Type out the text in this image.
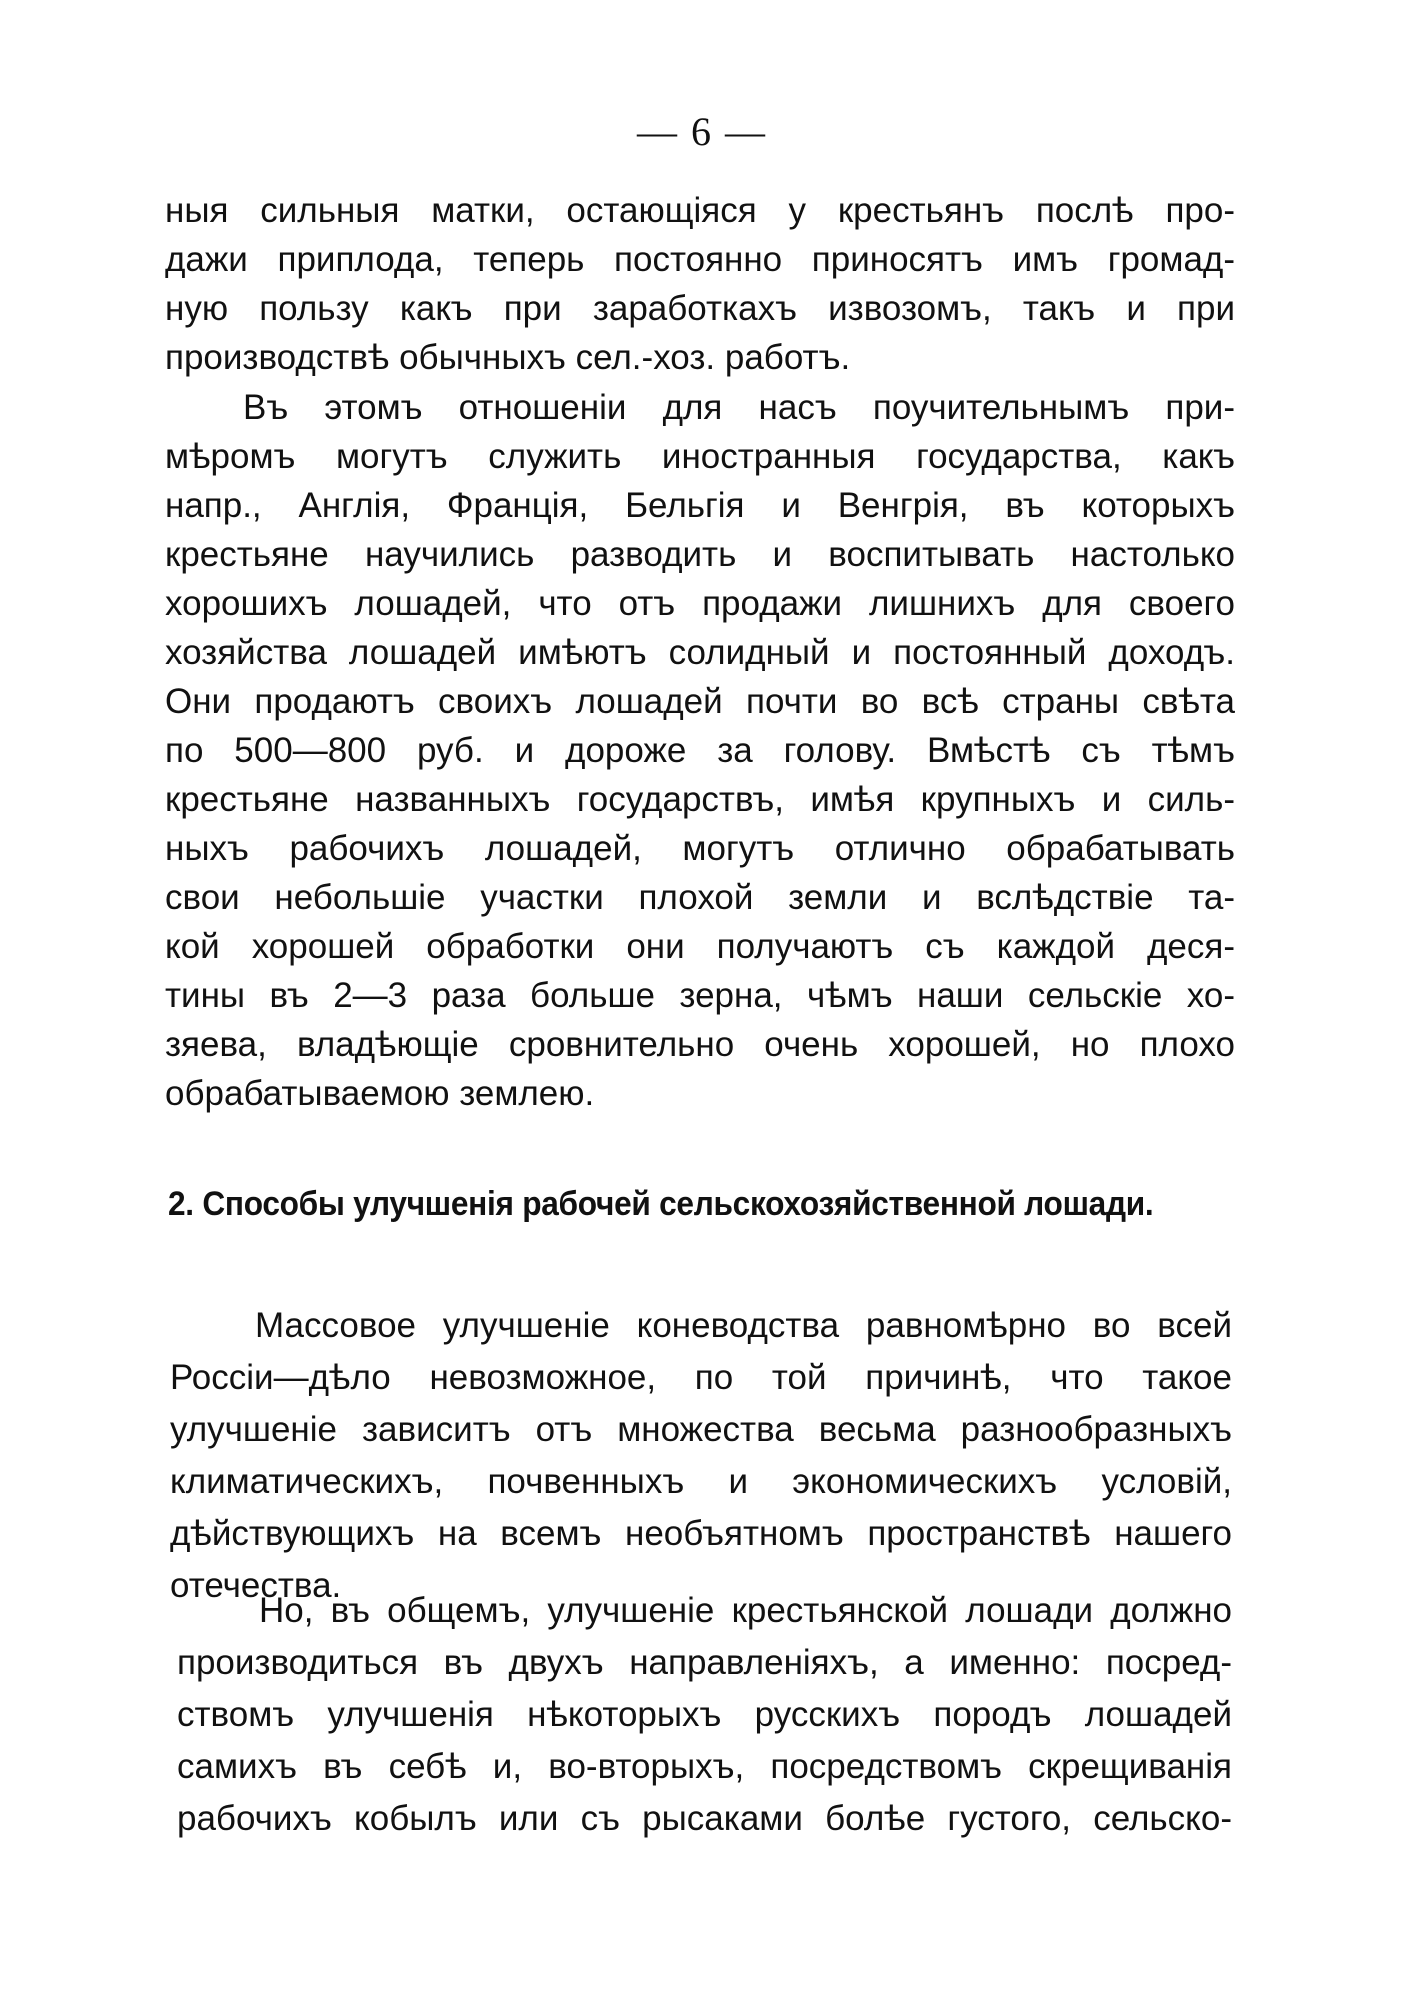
— 6 —
ныя сильныя матки, остающіяся у крестьянъ послѣ про-
дажи приплода, теперь постоянно приносятъ имъ громад-
ную пользу какъ при заработкахъ извозомъ, такъ и при
производствѣ обычныхъ сел.-хоз. работъ.
Въ этомъ отношеніи для насъ поучительнымъ при-
мѣромъ могутъ служить иностранныя государства, какъ
напр., Англія, Франція, Бельгія и Венгрія, въ которыхъ
крестьяне научились разводить и воспитывать настолько
хорошихъ лошадей, что отъ продажи лишнихъ для своего
хозяйства лошадей имѣютъ солидный и постоянный доходъ.
Они продаютъ своихъ лошадей почти во всѣ страны свѣта
по 500—800 руб. и дороже за голову. Вмѣстѣ съ тѣмъ
крестьяне названныхъ государствъ, имѣя крупныхъ и силь-
ныхъ рабочихъ лошадей, могутъ отлично обрабатывать
свои небольшіе участки плохой земли и вслѣдствіе та-
кой хорошей обработки они получаютъ съ каждой деся-
тины въ 2—3 раза больше зерна, чѣмъ наши сельскіе хо-
зяева, владѣющіе сровнительно очень хорошей, но плохо
обрабатываемою землею.
2. Способы улучшенія рабочей сельскохозяйственной лошади.
Массовое улучшеніе коневодства равномѣрно во всей
Россіи—дѣло невозможное, по той причинѣ, что такое
улучшеніе зависитъ отъ множества весьма разнообразныхъ
климатическихъ, почвенныхъ и экономическихъ условій,
дѣйствующихъ на всемъ необъятномъ пространствѣ нашего
отечества.
Но, въ общемъ, улучшеніе крестьянской лошади должно
производиться въ двухъ направленіяхъ, а именно: посред-
ствомъ улучшенія нѣкоторыхъ русскихъ породъ лошадей
самихъ въ себѣ и, во-вторыхъ, посредствомъ скрещиванія
рабочихъ кобылъ или съ рысаками болѣе густого, сельско-
